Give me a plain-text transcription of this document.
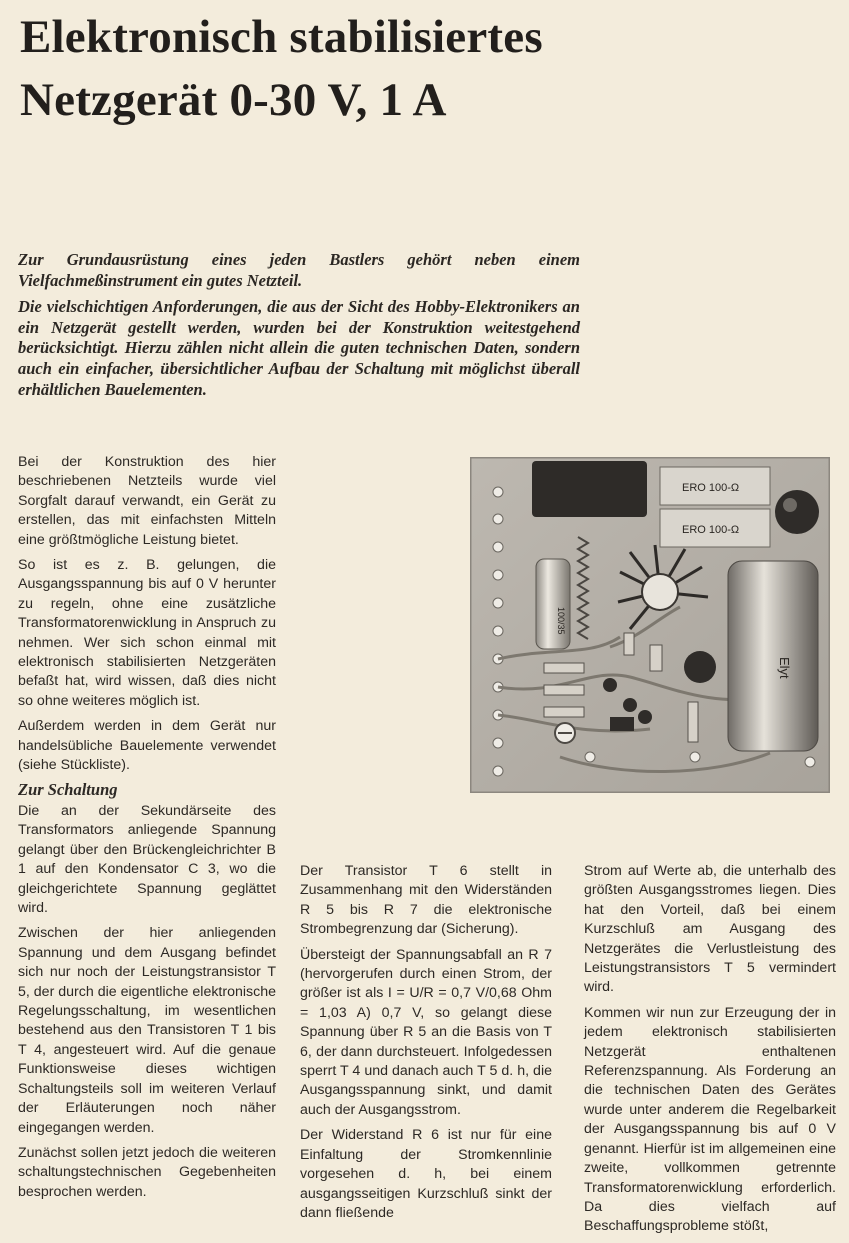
Elektronisch stabilisiertes
Netzgerät 0-30 V, 1 A

Zur Grundausrüstung eines jeden Bastlers gehört neben einem Vielfachmeßinstrument ein gutes Netzteil.

Die vielschichtigen Anforderungen, die aus der Sicht des Hobby-Elektronikers an ein Netzgerät gestellt werden, wurden bei der Konstruktion weitestgehend berücksichtigt. Hierzu zählen nicht allein die guten technischen Daten, sondern auch ein einfacher, übersichtlicher Aufbau der Schaltung mit möglichst überall erhältlichen Bauelementen.

Bei der Konstruktion des hier beschriebenen Netzteils wurde viel Sorgfalt darauf verwandt, ein Gerät zu erstellen, das mit einfachsten Mitteln eine größtmögliche Leistung bietet.

So ist es z. B. gelungen, die Ausgangsspannung bis auf 0 V herunter zu regeln, ohne eine zusätzliche Transformatorenwicklung in Anspruch zu nehmen. Wer sich schon einmal mit elektronisch stabilisierten Netzgeräten befaßt hat, wird wissen, daß dies nicht so ohne weiteres möglich ist.

Außerdem werden in dem Gerät nur handelsübliche Bauelemente verwendet (siehe Stückliste).

Zur Schaltung

Die an der Sekundärseite des Transformators anliegende Spannung gelangt über den Brückengleichrichter B 1 auf den Kondensator C 3, wo die gleichgerichtete Spannung geglättet wird.

Zwischen der hier anliegenden Spannung und dem Ausgang befindet sich nur noch der Leistungstransistor T 5, der durch die eigentliche elektronische Regelungsschaltung, im wesentlichen bestehend aus den Transistoren T 1 bis T 4, angesteuert wird. Auf die genaue Funktionsweise dieses wichtigen Schaltungsteils soll im weiteren Verlauf der Erläuterungen noch näher eingegangen werden.

Zunächst sollen jetzt jedoch die weiteren schaltungstechnischen Gegebenheiten besprochen werden.

Der Transistor T 6 stellt in Zusammenhang mit den Widerständen R 5 bis R 7 die elektronische Strombegrenzung dar (Sicherung).

Übersteigt der Spannungsabfall an R 7 (hervorgerufen durch einen Strom, der größer ist als I = U/R = 0,7 V/0,68 Ohm = 1,03 A) 0,7 V, so gelangt diese Spannung über R 5 an die Basis von T 6, der dann durchsteuert. Infolgedessen sperrt T 4 und danach auch T 5 d. h, die Ausgangsspannung sinkt, und damit auch der Ausgangsstrom.

Der Widerstand R 6 ist nur für eine Einfaltung der Stromkennlinie vorgesehen d. h, bei einem ausgangsseitigen Kurzschluß sinkt der dann fließende

Strom auf Werte ab, die unterhalb des größten Ausgangsstromes liegen. Dies hat den Vorteil, daß bei einem Kurzschluß am Ausgang des Netzgerätes die Verlustleistung des Leistungstransistors T 5 vermindert wird.

Kommen wir nun zur Erzeugung der in jedem elektronisch stabilisierten Netzgerät enthaltenen Referenzspannung. Als Forderung an die technischen Daten des Gerätes wurde unter anderem die Regelbarkeit der Ausgangsspannung bis auf 0 V genannt. Hierfür ist im allgemeinen eine zweite, vollkommen getrennte Transformatorenwicklung erforderlich. Da dies vielfach auf Beschaffungsprobleme stößt,

ERO 100-Ω
ERO 100-Ω
100/35
Elyt
